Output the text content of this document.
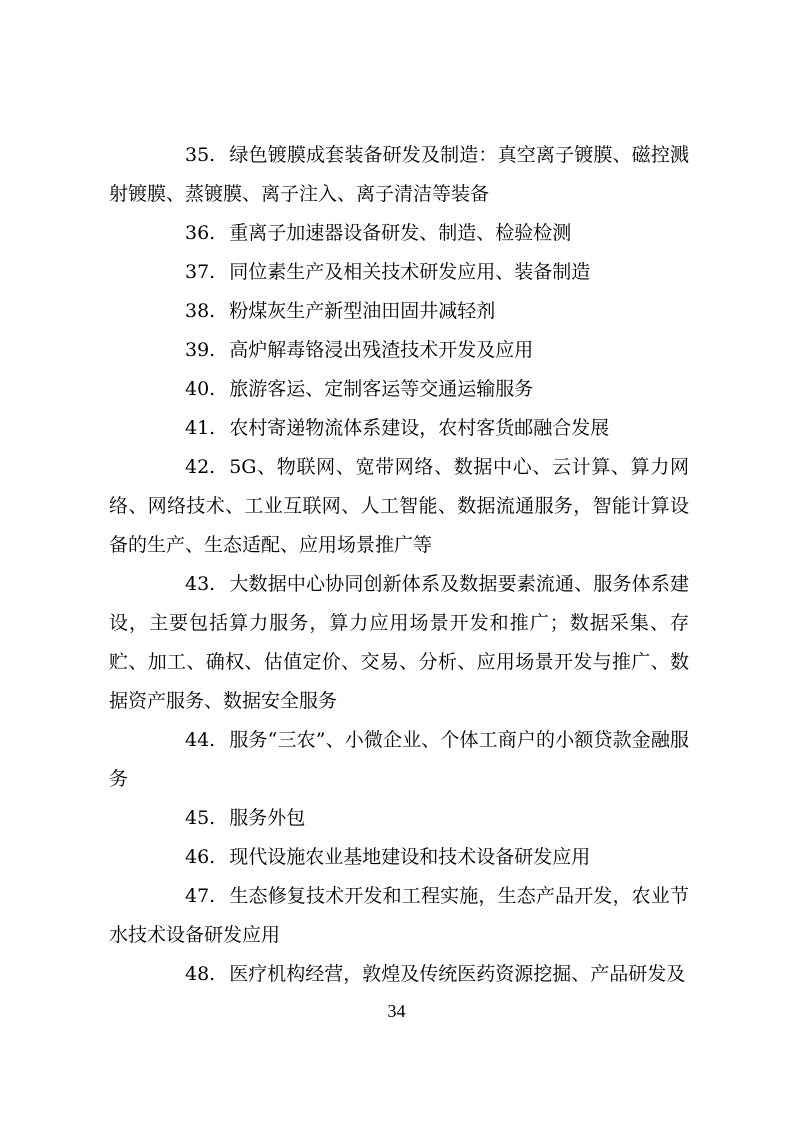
35. 绿色镀膜成套装备研发及制造：真空离子镀膜、磁控溅射镀膜、蒸镀膜、离子注入、离子清洁等装备

36. 重离子加速器设备研发、制造、检验检测

37. 同位素生产及相关技术研发应用、装备制造

38. 粉煤灰生产新型油田固井减轻剂

39. 高炉解毒铬浸出残渣技术开发及应用

40. 旅游客运、定制客运等交通运输服务

41. 农村寄递物流体系建设，农村客货邮融合发展

42. 5G、物联网、宽带网络、数据中心、云计算、算力网络、网络技术、工业互联网、人工智能、数据流通服务，智能计算设备的生产、生态适配、应用场景推广等

43. 大数据中心协同创新体系及数据要素流通、服务体系建设，主要包括算力服务，算力应用场景开发和推广；数据采集、存贮、加工、确权、估值定价、交易、分析、应用场景开发与推广、数据资产服务、数据安全服务

44. 服务“三农”、小微企业、个体工商户的小额贷款金融服务

45. 服务外包

46. 现代设施农业基地建设和技术设备研发应用

47. 生态修复技术开发和工程实施，生态产品开发，农业节水技术设备研发应用

48. 医疗机构经营，敦煌及传统医药资源挖掘、产品研发及

34
